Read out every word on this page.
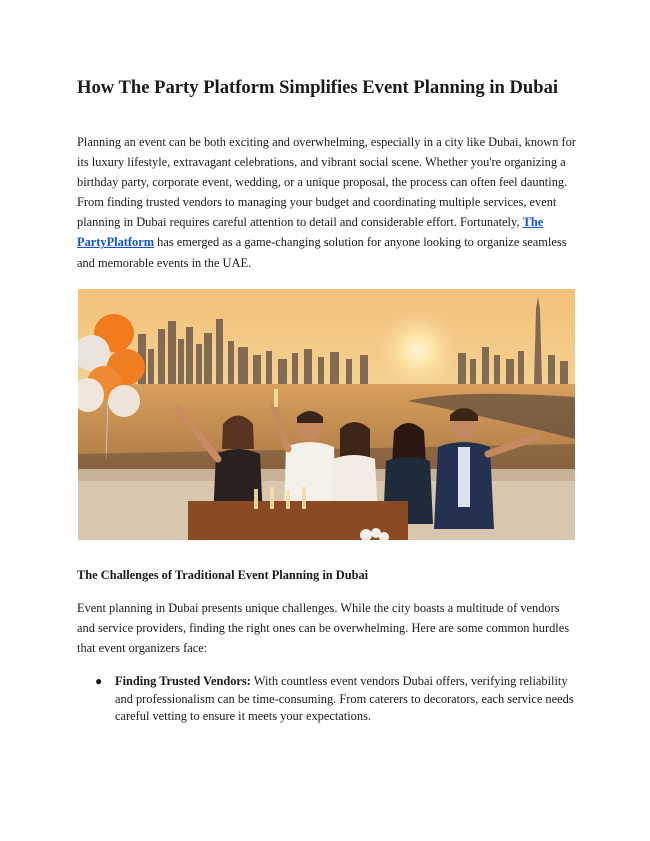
How The Party Platform Simplifies Event Planning in Dubai

Planning an event can be both exciting and overwhelming, especially in a city like Dubai, known for its luxury lifestyle, extravagant celebrations, and vibrant social scene. Whether you're organizing a birthday party, corporate event, wedding, or a unique proposal, the process can often feel daunting. From finding trusted vendors to managing your budget and coordinating multiple services, event planning in Dubai requires careful attention to detail and considerable effort. Fortunately, The PartyPlatform has emerged as a game-changing solution for anyone looking to organize seamless and memorable events in the UAE.

The Challenges of Traditional Event Planning in Dubai

Event planning in Dubai presents unique challenges. While the city boasts a multitude of vendors and service providers, finding the right ones can be overwhelming. Here are some common hurdles that event organizers face:

● Finding Trusted Vendors: With countless event vendors Dubai offers, verifying reliability and professionalism can be time-consuming. From caterers to decorators, each service needs careful vetting to ensure it meets your expectations.
